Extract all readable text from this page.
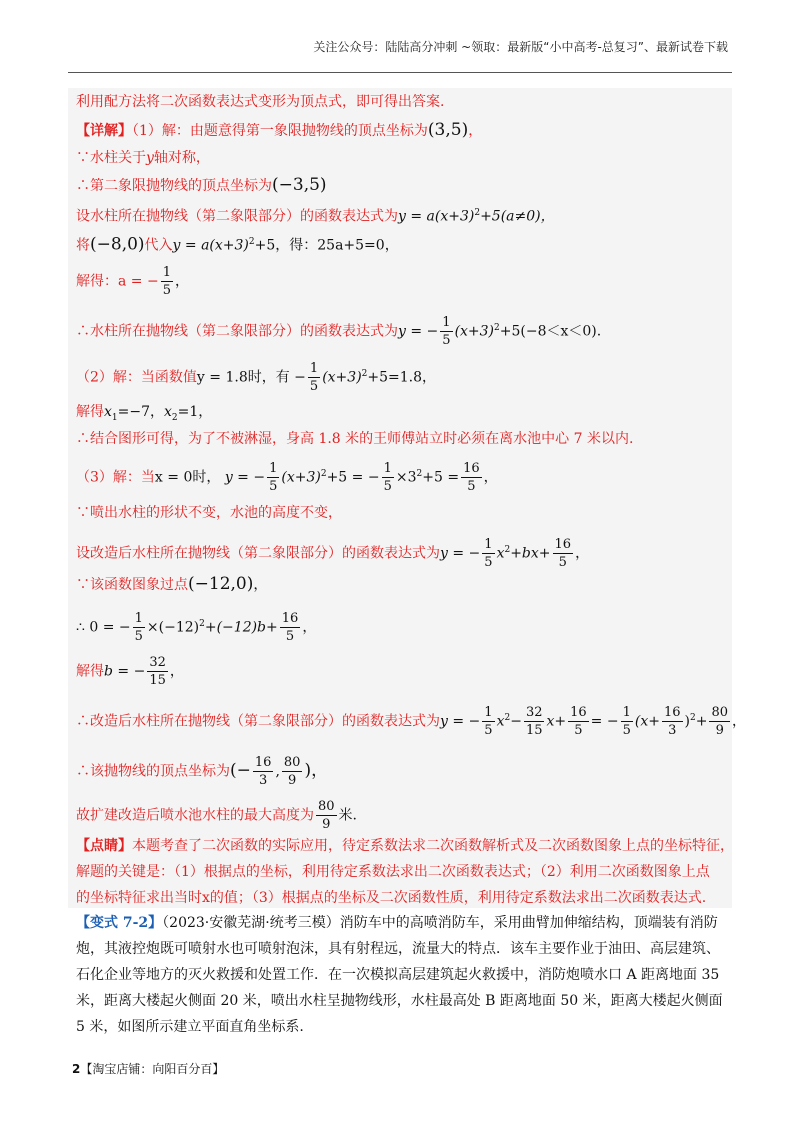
关注公众号：陆陆高分冲刺 ~领取：最新版“小中高考-总复习”、最新试卷下载
利用配方法将二次函数表达式变形为顶点式，即可得出答案.
【详解】（1）解：由题意得第一象限抛物线的顶点坐标为(3,5)，
∵水柱关于y轴对称，
∴第二象限抛物线的顶点坐标为(−3,5)
设水柱所在抛物线（第二象限部分）的函数表达式为$y = a(x+3)^2+5(a\ne 0)$，
将(−8,0)代入$y = a(x+3)^2+5$，得：25a+5=0，
解得：a = − $\frac{1}{5}$ ，
∴水柱所在抛物线（第二象限部分）的函数表达式为y = − $\frac{1}{5} (x+3)^2+5(-8<x<0)$.
（2）解：当函数值y = 1.8时，有 − $\frac{1}{5} (x+3)^2+5=1.8$，
解得$x_1=-7$，$x_2=1$，
∴结合图形可得，为了不被淋湿，身高 1.8 米的王师傅站立时必须在离水池中心 7 米以内.
（3）解：当x = 0时， y = − $\frac{1}{5} (x+3)^2+5$ = − $\frac{1}{5} \times 3^2+5 = \frac{16}{5}$ ，
∵喷出水柱的形状不变，水池的高度不变，
设改造后水柱所在抛物线（第二象限部分）的函数表达式为y = − $\frac{1}{5} x^2+bx+ \frac{16}{5}$ ，
∵该函数图象过点(−12,0)，
∴ 0 = − $\frac{1}{5} \times(-12)^2+(-12)b+ \frac{16}{5}$ ，
解得b = − $\frac{32}{15}$ ，
∴改造后水柱所在抛物线（第二象限部分）的函数表达式为y = − $\frac{1}{5} x^2- \frac{32}{15} x+ \frac{16}{5}$ = − $\frac{1}{5} (x+ \frac{16}{3} )^2+ \frac{80}{9}$ ，
∴该抛物线的顶点坐标为(− $\frac{16}{3}$ , $\frac{80}{9}$ )，
故扩建改造后喷水池水柱的最大高度为 $\frac{80}{9}$ 米.
【点睛】本题考查了二次函数的实际应用，待定系数法求二次函数解析式及二次函数图象上点的坐标特征，
解题的关键是：（1）根据点的坐标，利用待定系数法求出二次函数表达式；（2）利用二次函数图象上点
的坐标特征求出当时x的值；（3）根据点的坐标及二次函数性质，利用待定系数法求出二次函数表达式.
【变式 7-2】（2023·安徽芜湖·统考三模）消防车中的高喷消防车，采用曲臂加伸缩结构，顶端装有消防炮，其液控炮既可喷射水也可喷射泡沫，具有射程远，流量大的特点．该车主要作业于油田、高层建筑、石化企业等地方的灭火救援和处置工作．在一次模拟高层建筑起火救援中，消防炮喷水口 A 距离地面 35 米，距离大楼起火侧面 20 米，喷出水柱呈抛物线形，水柱最高处 B 距离地面 50 米，距离大楼起火侧面 5 米，如图所示建立平面直角坐标系.
2【淘宝店铺：向阳百分百】
